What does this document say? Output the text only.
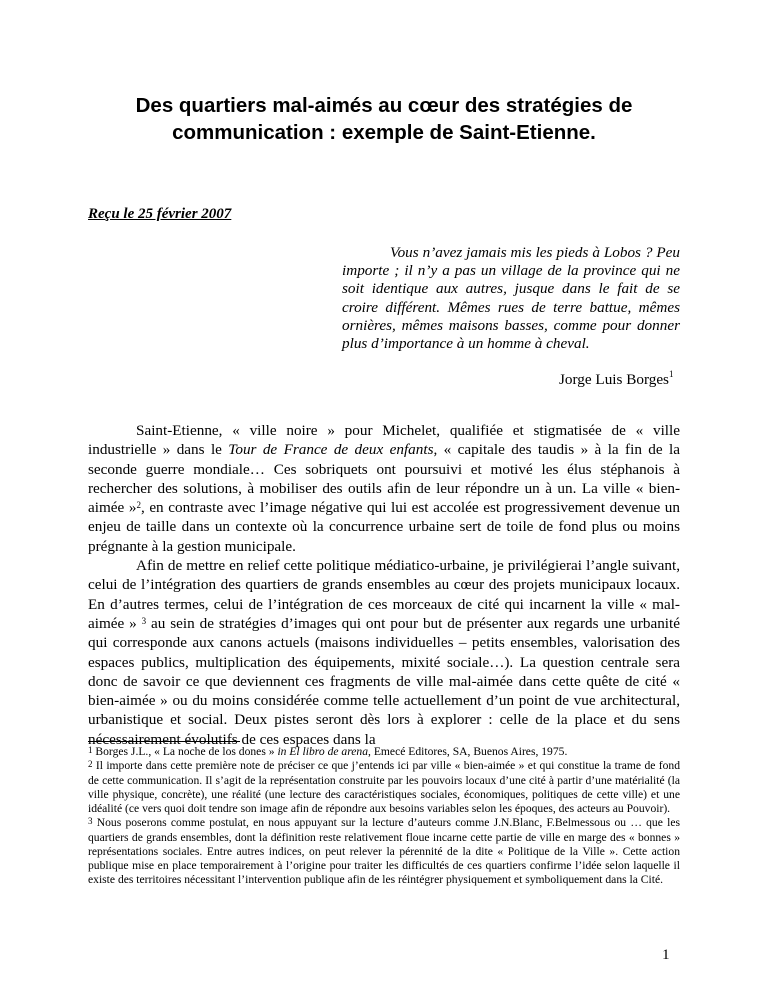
Des quartiers mal-aimés au cœur des stratégies de
communication : exemple de Saint-Etienne.
Reçu le 25 février 2007

Vous n’avez jamais mis les pieds à Lobos ? Peu importe ; il n’y a pas un village de la province qui ne soit identique aux autres, jusque dans le fait de se croire différent. Mêmes rues de terre battue, mêmes ornières, mêmes maisons basses, comme pour donner plus d’importance à un homme à cheval.

Jorge Luis Borges$^1$

Saint-Etienne, « ville noire » pour Michelet, qualifiée et stigmatisée de « ville industrielle » dans le Tour de France de deux enfants, « capitale des taudis » à la fin de la seconde guerre mondiale… Ces sobriquets ont poursuivi et motivé les élus stéphanois à rechercher des solutions, à mobiliser des outils afin de leur répondre un à un. La ville « bien-aimée »$^2$, en contraste avec l’image négative qui lui est accolée est progressivement devenue un enjeu de taille dans un contexte où la concurrence urbaine sert de toile de fond plus ou moins prégnante à la gestion municipale.

Afin de mettre en relief cette politique médiatico-urbaine, je privilégierai l’angle suivant, celui de l’intégration des quartiers de grands ensembles au cœur des projets municipaux locaux. En d’autres termes, celui de l’intégration de ces morceaux de cité qui incarnent la ville « mal-aimée » $^3$ au sein de stratégies d’images qui ont pour but de présenter aux regards une urbanité qui corresponde aux canons actuels (maisons individuelles – petits ensembles, valorisation des espaces publics, multiplication des équipements, mixité sociale…). La question centrale sera donc de savoir ce que deviennent ces fragments de ville mal-aimée dans cette quête de cité « bien-aimée » ou du moins considérée comme telle actuellement d’un point de vue architectural, urbanistique et social. Deux pistes seront dès lors à explorer : celle de la place et du sens nécessairement évolutifs de ces espaces dans la

$^1$ Borges J.L., « La noche de los dones » in El libro de arena, Emecé Editores, SA, Buenos Aires, 1975.

$^2$ Il importe dans cette première note de préciser ce que j’entends ici par ville « bien-aimée » et qui constitue la trame de fond de cette communication. Il s’agit de la représentation construite par les pouvoirs locaux d’une cité à partir d’une matérialité (la ville physique, concrète), une réalité (une lecture des caractéristiques sociales, économiques, politiques de cette ville) et une idéalité (ce vers quoi doit tendre son image afin de répondre aux besoins variables selon les époques, des acteurs au Pouvoir).

$^3$ Nous poserons comme postulat, en nous appuyant sur la lecture d’auteurs comme J.N.Blanc, F.Belmessous ou … que les quartiers de grands ensembles, dont la définition reste relativement floue incarne cette partie de ville en marge des « bonnes » représentations sociales. Entre autres indices, on peut relever la pérennité de la dite « Politique de la Ville ». Cette action publique mise en place temporairement à l’origine pour traiter les difficultés de ces quartiers confirme l’idée selon laquelle il existe des territoires nécessitant l’intervention publique afin de les réintégrer physiquement et symboliquement dans la Cité.

1
